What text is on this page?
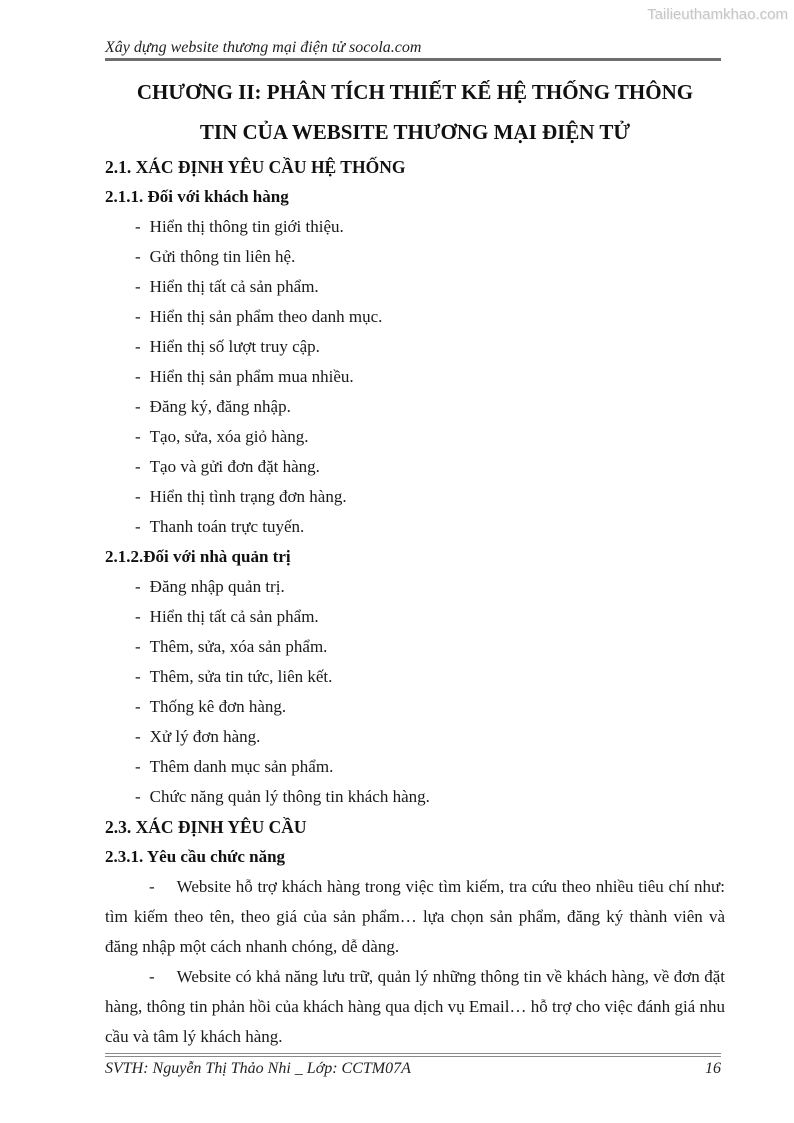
Tailieuthamkhao.com
Xây dựng website thương mại điện tử socola.com
CHƯƠNG II: PHÂN TÍCH THIẾT KẾ HỆ THỐNG THÔNG
TIN CỦA WEBSITE THƯƠNG MẠI ĐIỆN TỬ
2.1. XÁC ĐỊNH YÊU CẦU HỆ THỐNG
2.1.1. Đối với khách hàng
- Hiển thị thông tin giới thiệu.
- Gửi thông tin liên hệ.
- Hiển thị tất cả sản phẩm.
- Hiển thị sản phẩm theo danh mục.
- Hiển thị số lượt truy cập.
- Hiển thị sản phẩm mua nhiều.
- Đăng ký, đăng nhập.
- Tạo, sửa, xóa giỏ hàng.
- Tạo và gửi đơn đặt hàng.
- Hiển thị tình trạng đơn hàng.
- Thanh toán trực tuyến.
2.1.2.Đối với nhà quản trị
- Đăng nhập quản trị.
- Hiển thị tất cả sản phẩm.
- Thêm, sửa, xóa sản phẩm.
- Thêm, sửa tin tức, liên kết.
- Thống kê đơn hàng.
- Xử lý đơn hàng.
- Thêm danh mục sản phẩm.
- Chức năng quản lý thông tin khách hàng.
2.3. XÁC ĐỊNH YÊU CẦU
2.3.1. Yêu cầu chức năng

- Website hỗ trợ khách hàng trong việc tìm kiếm, tra cứu theo nhiều tiêu chí như: tìm kiếm theo tên, theo giá của sản phẩm… lựa chọn sản phẩm, đăng ký thành viên và đăng nhập một cách nhanh chóng, dễ dàng.

- Website có khả năng lưu trữ, quản lý những thông tin về khách hàng, về đơn đặt hàng, thông tin phản hồi của khách hàng qua dịch vụ Email… hỗ trợ cho việc đánh giá nhu cầu và tâm lý khách hàng.

SVTH: Nguyễn Thị Thảo Nhi _ Lớp: CCTM07A	16
